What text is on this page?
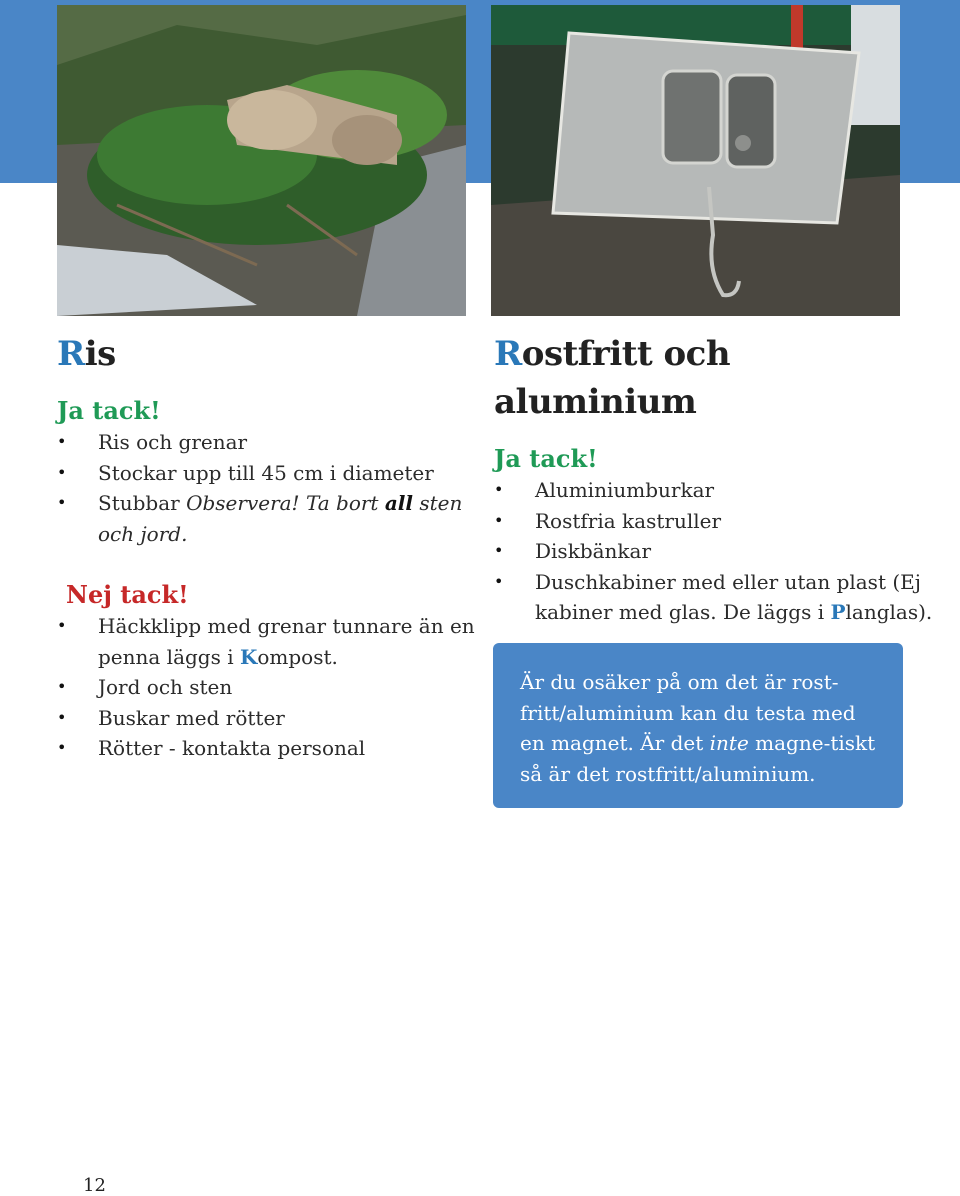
Ris
Ja tack!
• Ris och grenar
• Stockar upp till 45 cm i diameter
• Stubbar Observera! Ta bort all sten och jord.
Nej tack!
• Häckklipp med grenar tunnare än en penna läggs i Kompost.
• Jord och sten
• Buskar med rötter
• Rötter - kontakta personal
Rostfritt och aluminium
Ja tack!
• Aluminiumburkar
• Rostfria kastruller
• Diskbänkar
• Duschkabiner med eller utan plast (Ej kabiner med glas. De läggs i Planglas).

Är du osäker på om det är rost-fritt/aluminium kan du testa med en magnet. Är det inte magne-tiskt så är det rostfritt/aluminium.

12
